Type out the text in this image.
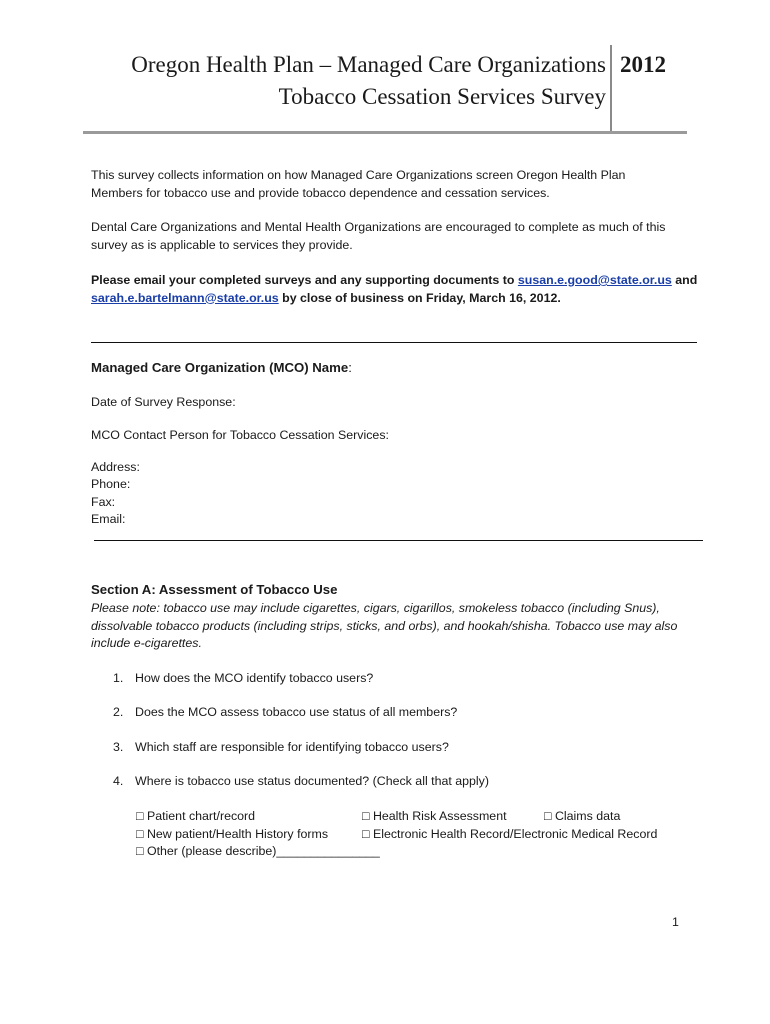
Oregon Health Plan – Managed Care Organizations
Tobacco Cessation Services Survey
2012
This survey collects information on how Managed Care Organizations screen Oregon Health Plan Members for tobacco use and provide tobacco dependence and cessation services.
Dental Care Organizations and Mental Health Organizations are encouraged to complete as much of this survey as is applicable to services they provide.
Please email your completed surveys and any supporting documents to susan.e.good@state.or.us and
sarah.e.bartelmann@state.or.us by close of business on Friday, March 16, 2012.
Managed Care Organization (MCO) Name:
Date of Survey Response:
MCO Contact Person for Tobacco Cessation Services:
Address:
Phone:
Fax:
Email:
Section A: Assessment of Tobacco Use
Please note: tobacco use may include cigarettes, cigars, cigarillos, smokeless tobacco (including Snus), dissolvable tobacco products (including strips, sticks, and orbs), and hookah/shisha. Tobacco use may also include e-cigarettes.
1. How does the MCO identify tobacco users?
2. Does the MCO assess tobacco use status of all members?
3. Which staff are responsible for identifying tobacco users?
4. Where is tobacco use status documented? (Check all that apply)
□ Patient chart/record	□ Health Risk Assessment	□ Claims data
□ New patient/Health History forms	□ Electronic Health Record/Electronic Medical Record
□ Other (please describe)_______________
1
